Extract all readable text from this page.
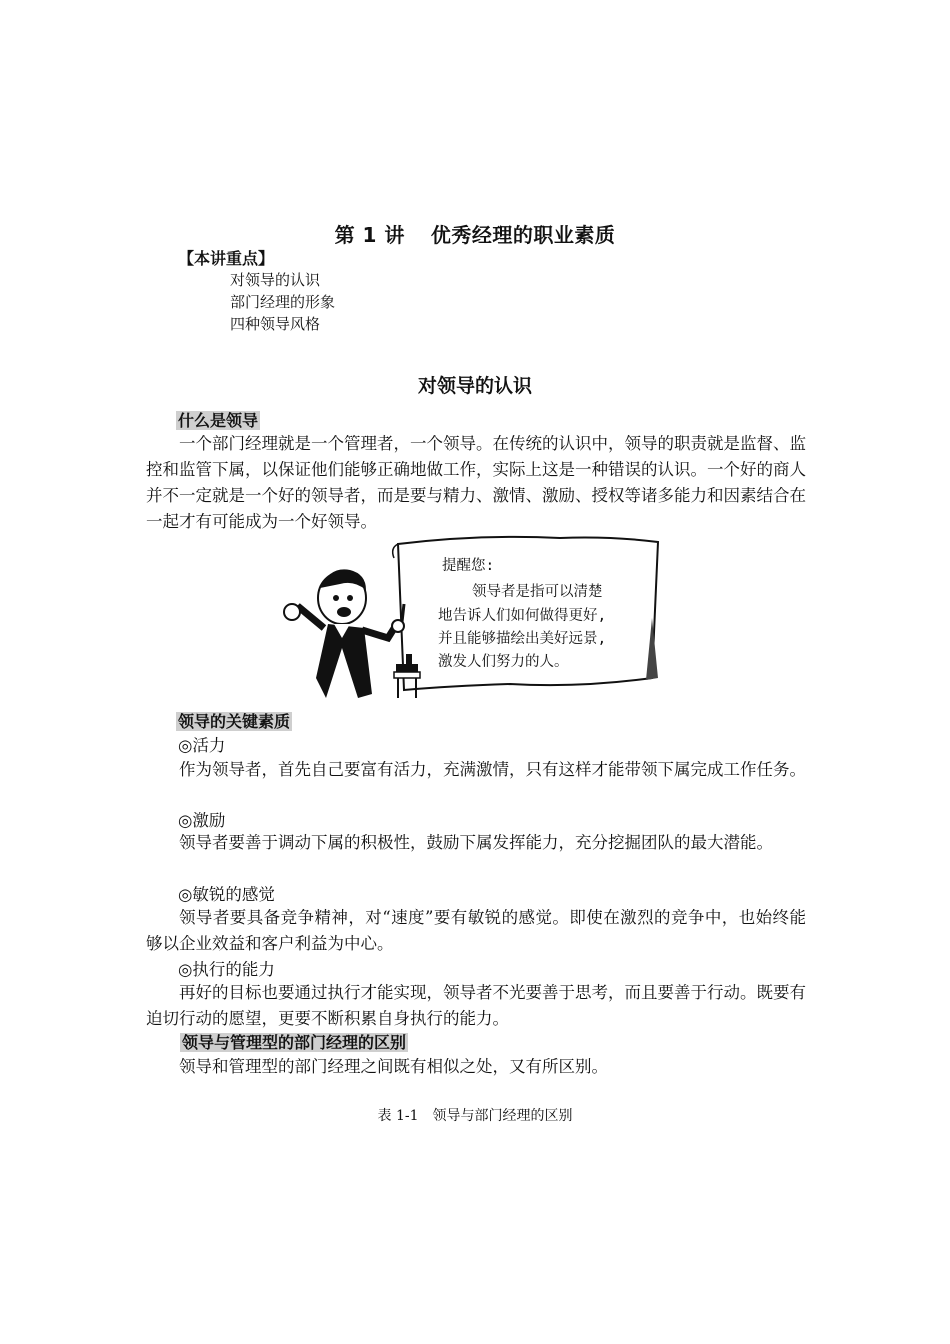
第 1 讲 优秀经理的职业素质
【本讲重点】
对领导的认识
部门经理的形象
四种领导风格
对领导的认识
什么是领导
一个部门经理就是一个管理者，一个领导。在传统的认识中，领导的职责就是监督、监控和监管下属，以保证他们能够正确地做工作，实际上这是一种错误的认识。一个好的商人并不一定就是一个好的领导者，而是要与精力、激情、激励、授权等诸多能力和因素结合在一起才有可能成为一个好领导。
提醒您:
领导者是指可以清楚
地告诉人们如何做得更好,
并且能够描绘出美好远景,
激发人们努力的人。
领导的关键素质
◎活力
作为领导者，首先自己要富有活力，充满激情，只有这样才能带领下属完成工作任务。
◎激励
领导者要善于调动下属的积极性，鼓励下属发挥能力，充分挖掘团队的最大潜能。
◎敏锐的感觉
领导者要具备竞争精神，对“速度”要有敏锐的感觉。即使在激烈的竞争中，也始终能够以企业效益和客户利益为中心。
◎执行的能力
再好的目标也要通过执行才能实现，领导者不光要善于思考，而且要善于行动。既要有迫切行动的愿望，更要不断积累自身执行的能力。
领导与管理型的部门经理的区别
领导和管理型的部门经理之间既有相似之处，又有所区别。
表 1-1 领导与部门经理的区别
